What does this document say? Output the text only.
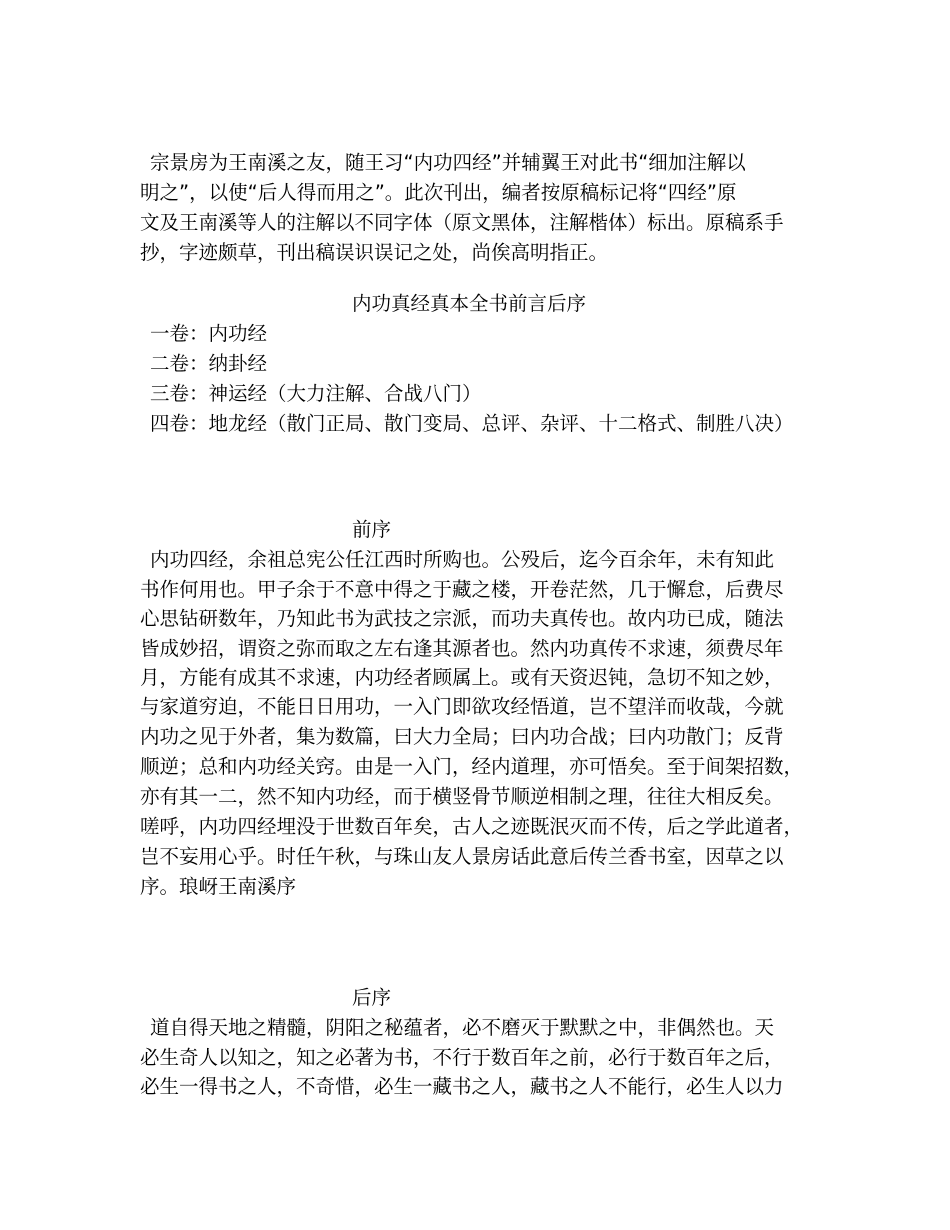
宗景房为王南溪之友，随王习“内功四经”并辅翼王对此书“细加注解以
明之”，以使“后人得而用之”。此次刊出，编者按原稿标记将“四经”原
文及王南溪等人的注解以不同字体（原文黑体，注解楷体）标出。原稿系手
抄，字迹颇草，刊出稿误识误记之处，尚俟高明指正。
内功真经真本全书前言后序
一卷：内功经
二卷：纳卦经
三卷：神运经（大力注解、合战八门）
四卷：地龙经（散门正局、散门变局、总评、杂评、十二格式、制胜八决）
前序
内功四经，余祖总宪公任江西时所购也。公殁后，迄今百余年，未有知此
书作何用也。甲子余于不意中得之于藏之楼，开卷茫然，几于懈怠，后费尽
心思钻研数年，乃知此书为武技之宗派，而功夫真传也。故内功已成，随法
皆成妙招，谓资之弥而取之左右逢其源者也。然内功真传不求速，须费尽年
月，方能有成其不求速，内功经者顾属上。或有天资迟钝，急切不知之妙，
与家道穷迫，不能日日用功，一入门即欲攻经悟道，岂不望洋而收哉，今就
内功之见于外者，集为数篇，曰大力全局；曰内功合战；曰内功散门；反背
顺逆；总和内功经关窍。由是一入门，经内道理，亦可悟矣。至于间架招数，
亦有其一二，然不知内功经，而于横竖骨节顺逆相制之理，往往大相反矣。
嗟呼，内功四经埋没于世数百年矣，古人之迹既泯灭而不传，后之学此道者，
岂不妄用心乎。时任午秋，与珠山友人景房话此意后传兰香书室，因草之以
序。琅岈王南溪序
后序
道自得天地之精髓，阴阳之秘蕴者，必不磨灭于默默之中，非偶然也。天
必生奇人以知之，知之必著为书，不行于数百年之前，必行于数百年之后，
必生一得书之人，不奇惜，必生一藏书之人，藏书之人不能行，必生人以力
